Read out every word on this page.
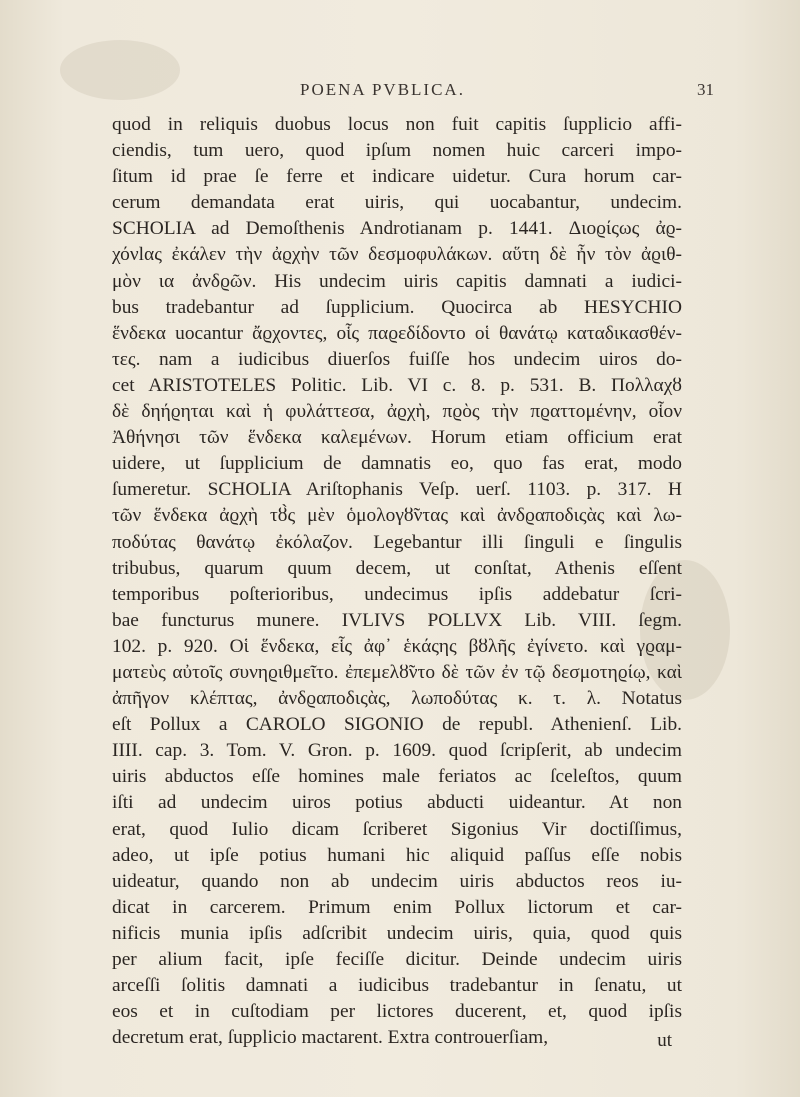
POENA PVBLICA.	31
quod in reliquis duobus locus non fuit capitis ſupplicio affi-
ciendis, tum uero, quod ipſum nomen huic carceri impo-
ſitum id prae ſe ferre et indicare uidetur. Cura horum car-
cerum demandata erat uiris, qui uocabantur, undecim.
SCHOLIA ad Demoſthenis Androtianam p. 1441. Διοϱίςως ἀϱ-
χόνlας ἐκάλεν τὴν ἀϱχὴν τῶν δεσμοφυλάκων. αὕτη δὲ ἦν τὸν ἀϱιθ-
μὸν ια ἀνδϱῶν. His undecim uiris capitis damnati a iudici-
bus tradebantur ad ſupplicium. Quocirca ab HESYCHIO
ἕνδεκα uocantur ἄϱχοντες, οἷς παϱεδίδοντο οἱ θανάτῳ καταδικασθέν-
τες. nam a iudicibus diuerſos fuiſſe hos undecim uiros do-
cet ARISTOTELES Politic. Lib. VI c. 8. p. 531. B. Πολλαχȣ̃
δὲ δηήϱηται καὶ ἡ φυλάττεσα, ἀϱχὴ, πϱὸς τὴν πϱαττομένην, οἷον
Ἀθήνησι τῶν ἕνδεκα καλεμένων. Horum etiam officium erat
uidere, ut ſupplicium de damnatis eo, quo fas erat, modo
ſumeretur. SCHOLIA Ariſtophanis Veſp. uerſ. 1103. p. 317. H
τῶν ἕνδεκα ἀϱχὴ τȣ̀ς μὲν ὁμολογȣ̃ντας καὶ ἀνδϱαποδιςὰς καὶ λω-
ποδύτας θανάτῳ ἐκόλαζον. Legebantur illi ſinguli e ſingulis
tribubus, quarum quum decem, ut conſtat, Athenis eſſent
temporibus poſterioribus, undecimus ipſis addebatur ſcri-
bae functurus munere. IVLIVS POLLVX Lib. VIII. ſegm.
102. p. 920. Οἱ ἕνδεκα, εἷς ἀφ᾽ ἑκάςης βȣλῆς ἐγίνετο. καὶ γϱαμ-
ματεὺς αὐτοῖς συνηϱιθμεῖτο. ἐπεμελȣ̃ντο δὲ τῶν ἐν τῷ δεσμοτηϱίῳ, καὶ
ἀπῆγον κλέπτας, ἀνδϱαποδιςὰς, λωποδύτας κ. τ. λ. Notatus
eſt Pollux a CAROLO SIGONIO de republ. Athenienſ. Lib.
IIII. cap. 3. Tom. V. Gron. p. 1609. quod ſcripſerit, ab undecim
uiris abductos eſſe homines male feriatos ac ſceleſtos, quum
iſti ad undecim uiros potius abducti uideantur. At non
erat, quod Iulio dicam ſcriberet Sigonius Vir doctiſſimus,
adeo, ut ipſe potius humani hic aliquid paſſus eſſe nobis
uideatur, quando non ab undecim uiris abductos reos iu-
dicat in carcerem. Primum enim Pollux lictorum et car-
nificis munia ipſis adſcribit undecim uiris, quia, quod quis
per alium facit, ipſe feciſſe dicitur. Deinde undecim uiris
arceſſi ſolitis damnati a iudicibus tradebantur in ſenatu, ut
eos et in cuſtodiam per lictores ducerent, et, quod ipſis
decretum erat, ſupplicio mactarent. Extra controuerſiam,	ut
